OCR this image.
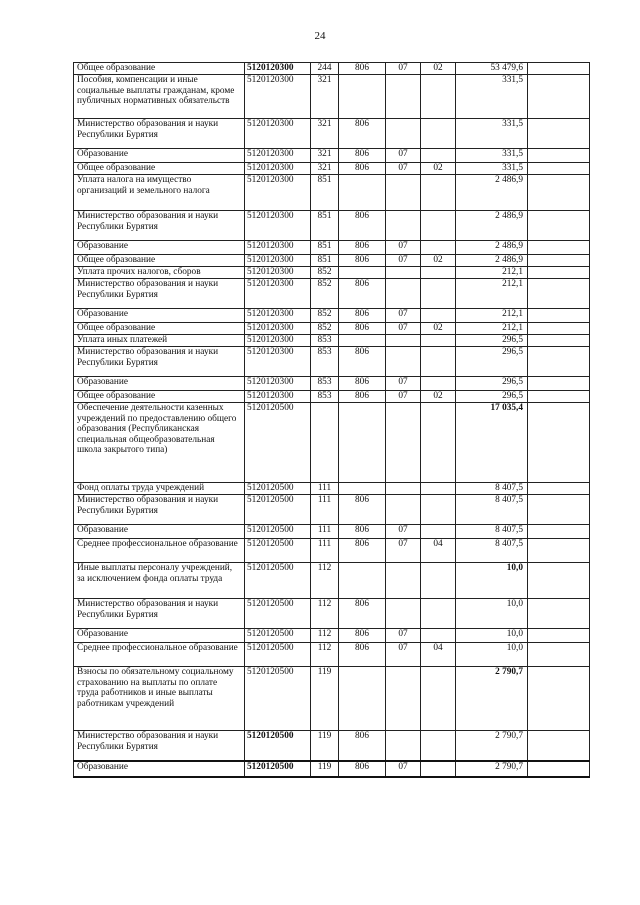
24
Общее образование	5120120300	244	806	07	02	53 479,6	
Пособия, компенсации и иные социальные выплаты гражданам, кроме публичных нормативных обязательств	5120120300	321				331,5	
Министерство образования и науки Республики Бурятия	5120120300	321	806			331,5	
Образование	5120120300	321	806	07		331,5	
Общее образование	5120120300	321	806	07	02	331,5	
Уплата налога на имущество организаций и земельного налога	5120120300	851				2 486,9	
Министерство образования и науки Республики Бурятия	5120120300	851	806			2 486,9	
Образование	5120120300	851	806	07		2 486,9	
Общее образование	5120120300	851	806	07	02	2 486,9	
Уплата прочих налогов, сборов	5120120300	852				212,1	
Министерство образования и науки Республики Бурятия	5120120300	852	806			212,1	
Образование	5120120300	852	806	07		212,1	
Общее образование	5120120300	852	806	07	02	212,1	
Уплата иных платежей	5120120300	853				296,5	
Министерство образования и науки Республики Бурятия	5120120300	853	806			296,5	
Образование	5120120300	853	806	07		296,5	
Общее образование	5120120300	853	806	07	02	296,5	
Обеспечение деятельности казенных учреждений по предоставлению общего образования (Республиканская специальная общеобразовательная школа закрытого типа)	5120120500					17 035,4	
Фонд оплаты труда учреждений	5120120500	111				8 407,5	
Министерство образования и науки Республики Бурятия	5120120500	111	806			8 407,5	
Образование	5120120500	111	806	07		8 407,5	
Среднее профессиональное образование	5120120500	111	806	07	04	8 407,5	
Иные выплаты персоналу учреждений, за исключением фонда оплаты труда	5120120500	112				10,0	
Министерство образования и науки Республики Бурятия	5120120500	112	806			10,0	
Образование	5120120500	112	806	07		10,0	
Среднее профессиональное образование	5120120500	112	806	07	04	10,0	
Взносы по обязательному социальному страхованию на выплаты по оплате труда работников и иные выплаты работникам учреждений	5120120500	119				2 790,7	
Министерство образования и науки Республики Бурятия	5120120500	119	806			2 790,7	
Образование	5120120500	119	806	07		2 790,7	
